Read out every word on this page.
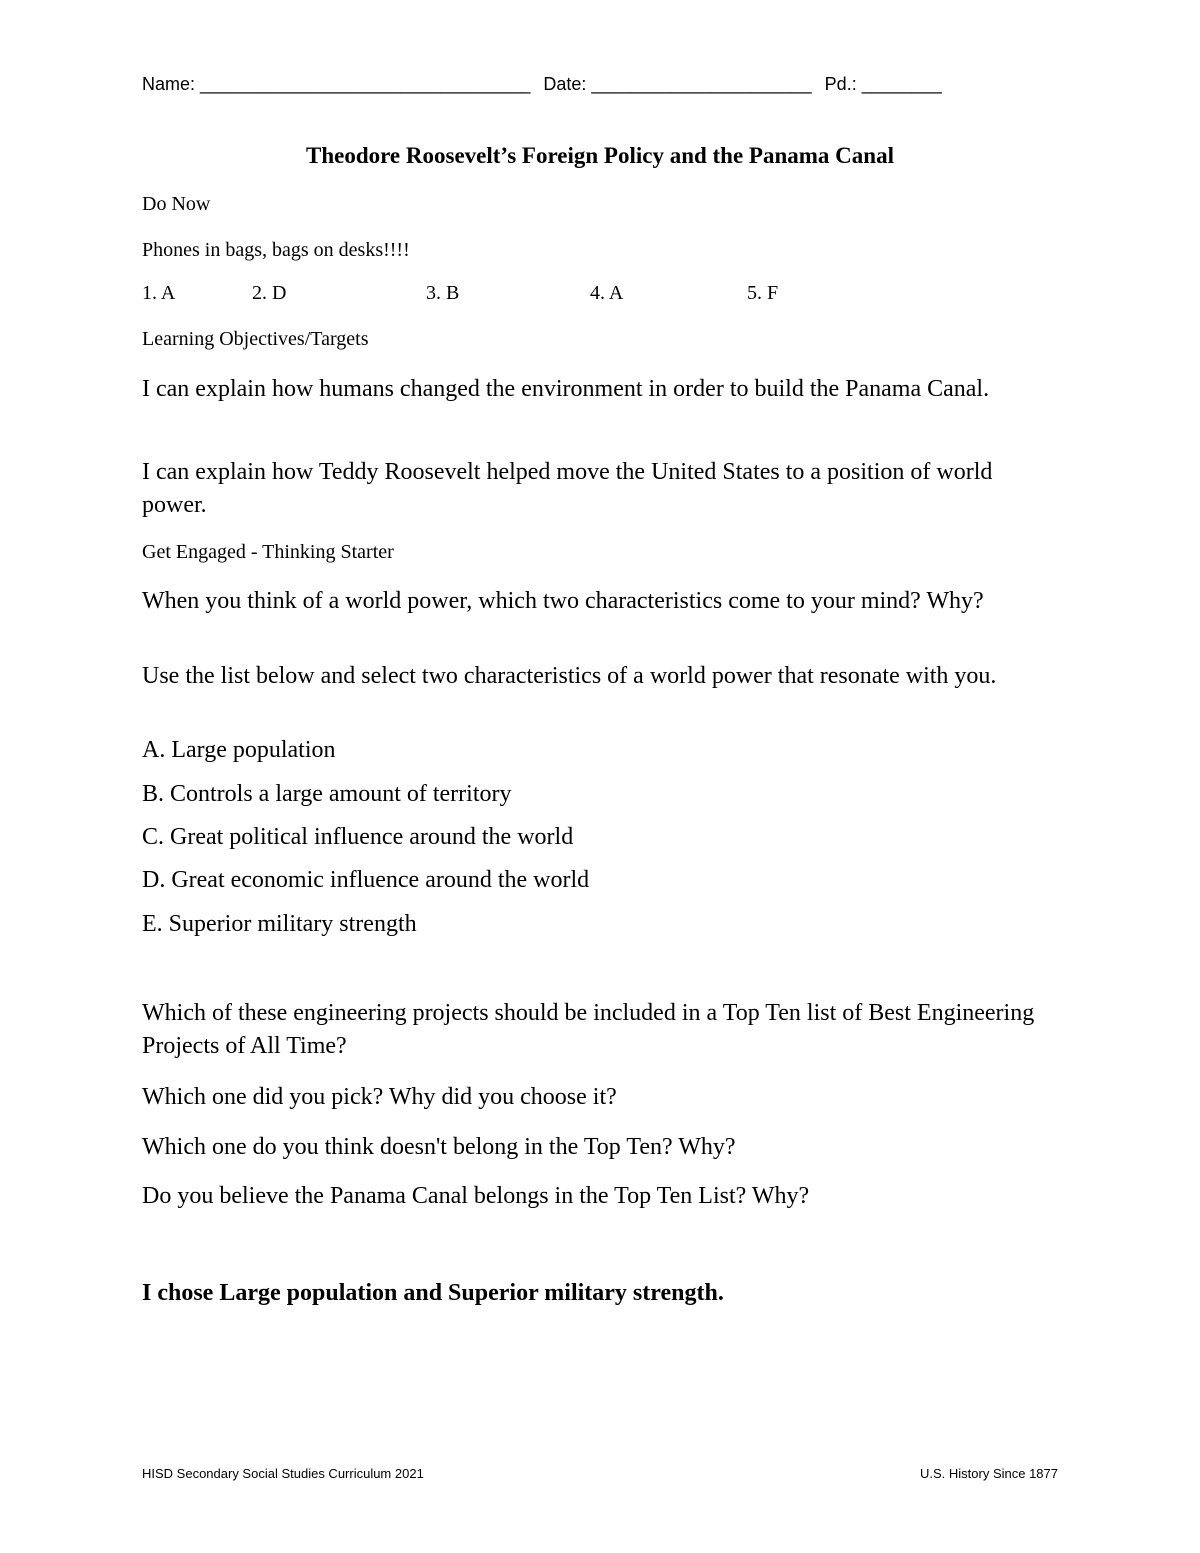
Name: _________________________________ Date: ______________________ Pd.: ________
Theodore Roosevelt’s Foreign Policy and the Panama Canal
Do Now
Phones in bags, bags on desks!!!!
1. A	2. D	3. B	4. A	5. F
Learning Objectives/Targets
I can explain how humans changed the environment in order to build the Panama Canal.
I can explain how Teddy Roosevelt helped move the United States to a position of world power.
Get Engaged - Thinking Starter
When you think of a world power, which two characteristics come to your mind? Why?
Use the list below and select two characteristics of a world power that resonate with you.
A. Large population
B. Controls a large amount of territory
C. Great political influence around the world
D. Great economic influence around the world
E. Superior military strength
Which of these engineering projects should be included in a Top Ten list of Best Engineering Projects of All Time?
Which one did you pick? Why did you choose it?
Which one do you think doesn't belong in the Top Ten? Why?
Do you believe the Panama Canal belongs in the Top Ten List? Why?
I chose Large population and Superior military strength.
HISD Secondary Social Studies Curriculum 2021	U.S. History Since 1877
